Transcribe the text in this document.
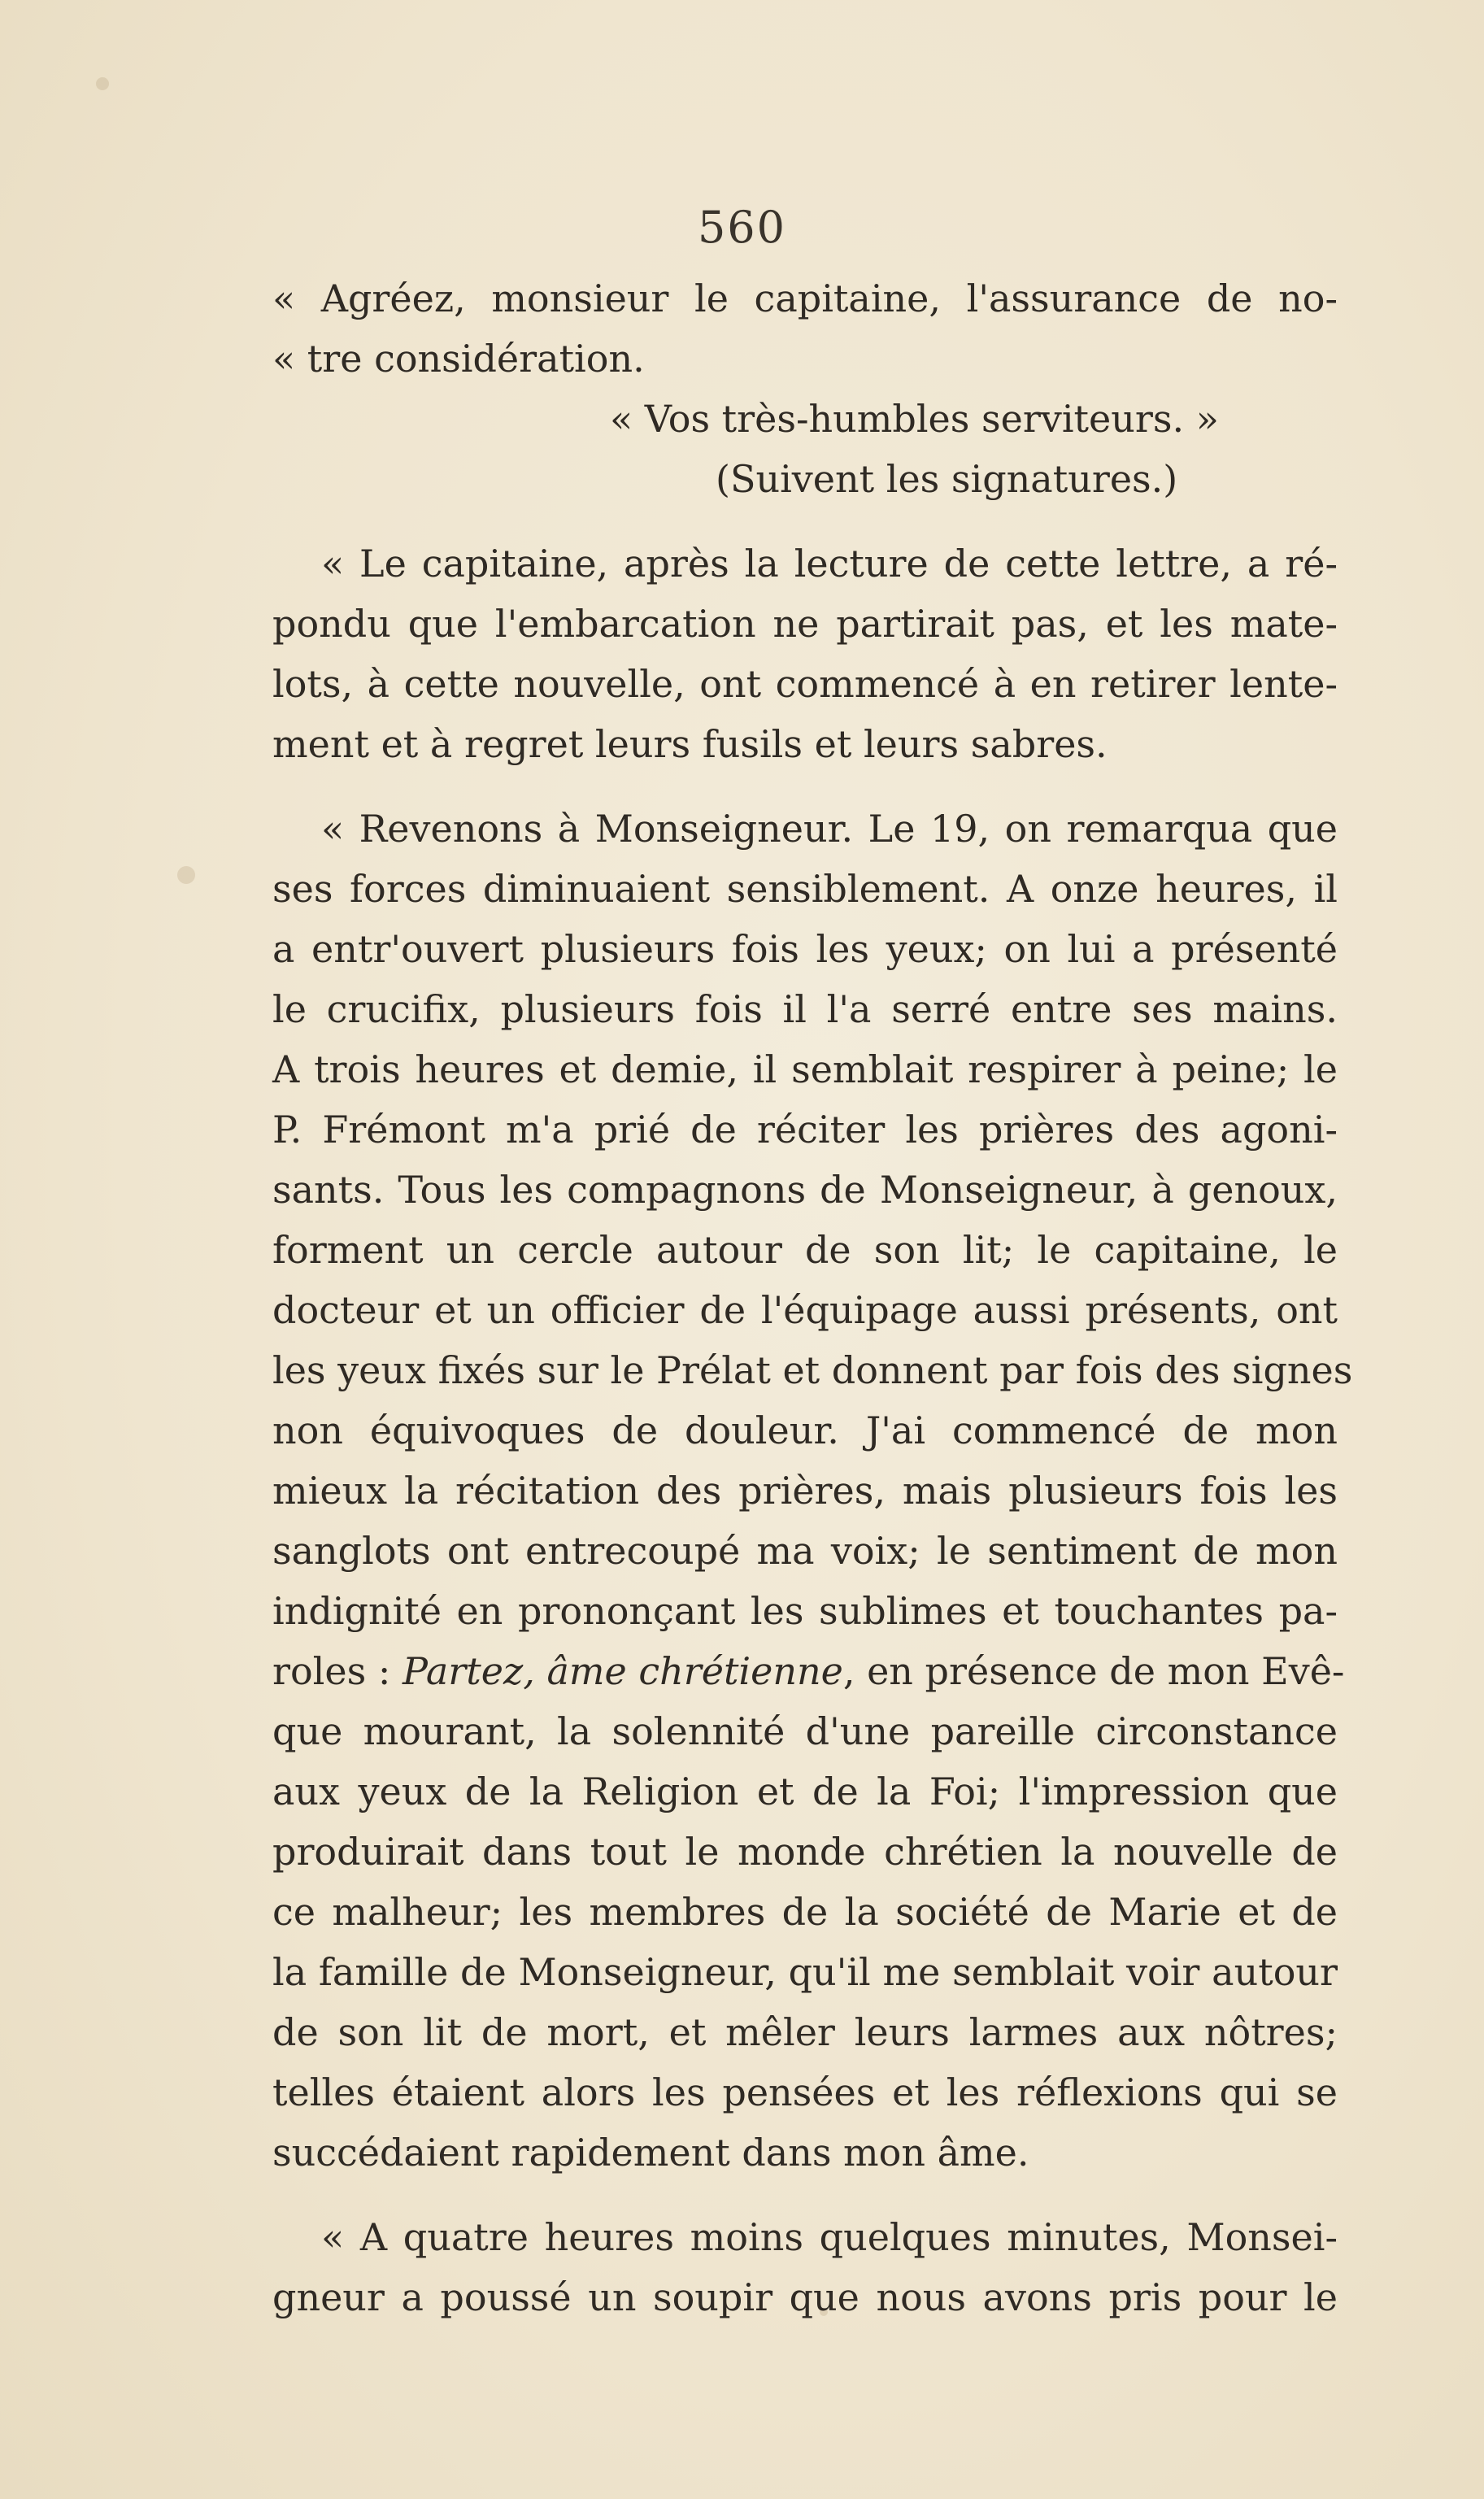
560
« Agréez, monsieur le capitaine, l'assurance de no-
« tre considération.
« Vos très-humbles serviteurs. »
(Suivent les signatures.)
« Le capitaine, après la lecture de cette lettre, a ré-
pondu que l'embarcation ne partirait pas, et les mate-
lots, à cette nouvelle, ont commencé à en retirer lente-
ment et à regret leurs fusils et leurs sabres.
« Revenons à Monseigneur. Le 19, on remarqua que
ses forces diminuaient sensiblement. A onze heures, il
a entr'ouvert plusieurs fois les yeux; on lui a présenté
le crucifix, plusieurs fois il l'a serré entre ses mains.
A trois heures et demie, il semblait respirer à peine; le
P. Frémont m'a prié de réciter les prières des agoni-
sants. Tous les compagnons de Monseigneur, à genoux,
forment un cercle autour de son lit; le capitaine, le
docteur et un officier de l'équipage aussi présents, ont
les yeux fixés sur le Prélat et donnent par fois des signes
non équivoques de douleur. J'ai commencé de mon
mieux la récitation des prières, mais plusieurs fois les
sanglots ont entrecoupé ma voix; le sentiment de mon
indignité en prononçant les sublimes et touchantes pa-
roles : Partez, âme chrétienne, en présence de mon Evê-
que mourant, la solennité d'une pareille circonstance
aux yeux de la Religion et de la Foi; l'impression que
produirait dans tout le monde chrétien la nouvelle de
ce malheur; les membres de la société de Marie et de
la famille de Monseigneur, qu'il me semblait voir autour
de son lit de mort, et mêler leurs larmes aux nôtres;
telles étaient alors les pensées et les réflexions qui se
succédaient rapidement dans mon âme.
« A quatre heures moins quelques minutes, Monsei-
gneur a poussé un soupir que nous avons pris pour le
